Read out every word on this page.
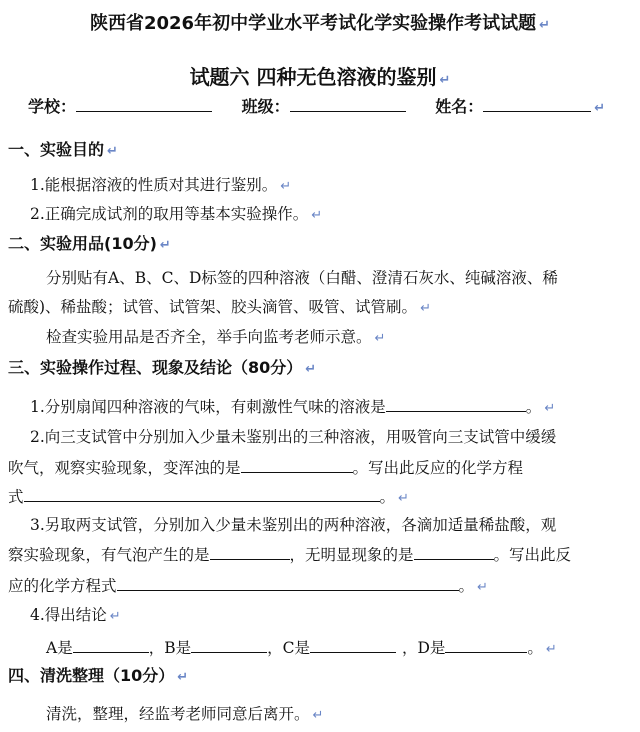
陕西省2026年初中学业水平考试化学实验操作考试试题 ↵
试题六 四种无色溶液的鉴别 ↵
学校：	班级：	姓名：	↵
一、实验目的 ↵
1.能根据溶液的性质对其进行鉴别。 ↵
2.正确完成试剂的取用等基本实验操作。 ↵
二、实验用品(10分) ↵
分别贴有A、B、C、D标签的四种溶液（白醋、澄清石灰水、纯碱溶液、稀
硫酸)、稀盐酸；试管、试管架、胶头滴管、吸管、试管刷。 ↵
检查实验用品是否齐全，举手向监考老师示意。 ↵
三、实验操作过程、现象及结论（80分） ↵
1.分别扇闻四种溶液的气味，有刺激性气味的溶液是	。 ↵
2.向三支试管中分别加入少量未鉴别出的三种溶液，用吸管向三支试管中缓缓
吹气，观察实验现象，变浑浊的是	。写出此反应的化学方程
式	。 ↵
3.另取两支试管，分别加入少量未鉴别出的两种溶液，各滴加适量稀盐酸，观
察实验现象，有气泡产生的是	，无明显现象的是	。写出此反
应的化学方程式	。 ↵
4.得出结论 ↵
A是	，B是	，C是	，D是	。 ↵
四、清洗整理（10分） ↵
清洗，整理，经监考老师同意后离开。 ↵
